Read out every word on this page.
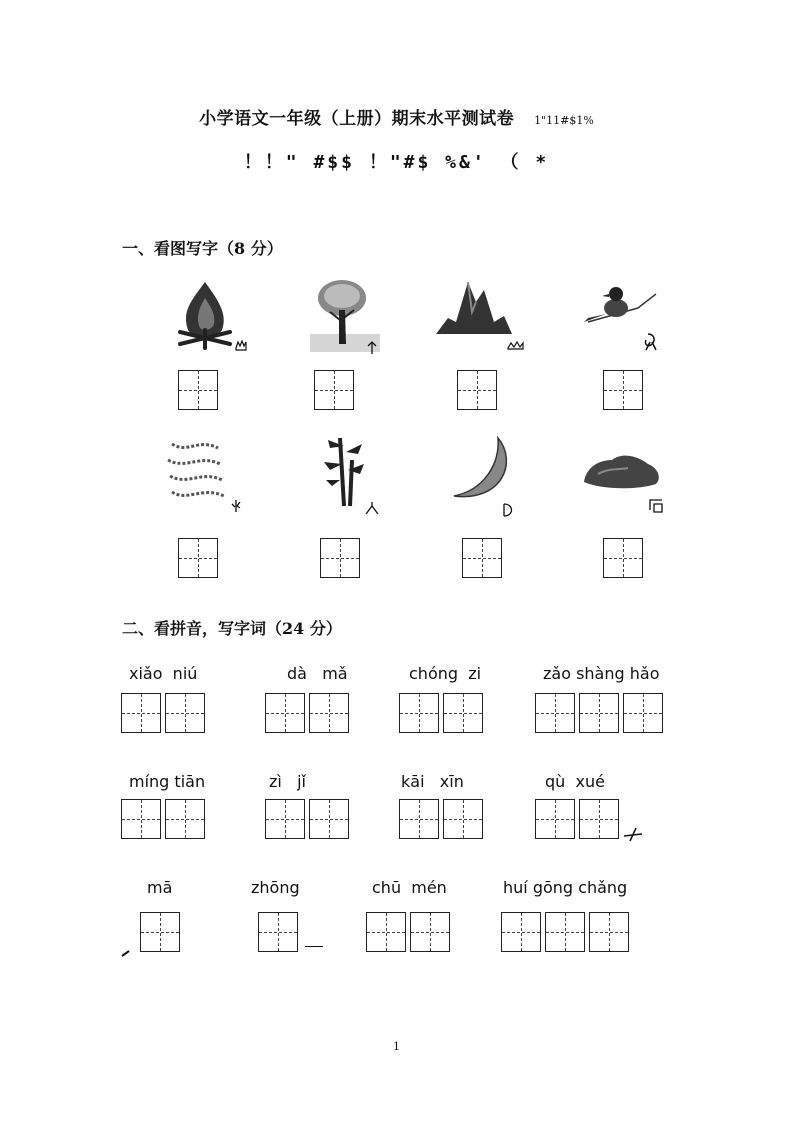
小学语文一年级（上册）期末水平测试卷 1"11#$1%
！！" #$$ ！"#$ %&' （ *
一、看图写字（8 分）
二、看拼音，写字词（24 分）
xiǎo  niú	dà   mǎ	chóng  zi	zǎo shàng hǎo
míng tiān	zì   jǐ	kāi   xīn	qù  xué
mā	zhōng	chū  mén	huí gōng chǎng
1
